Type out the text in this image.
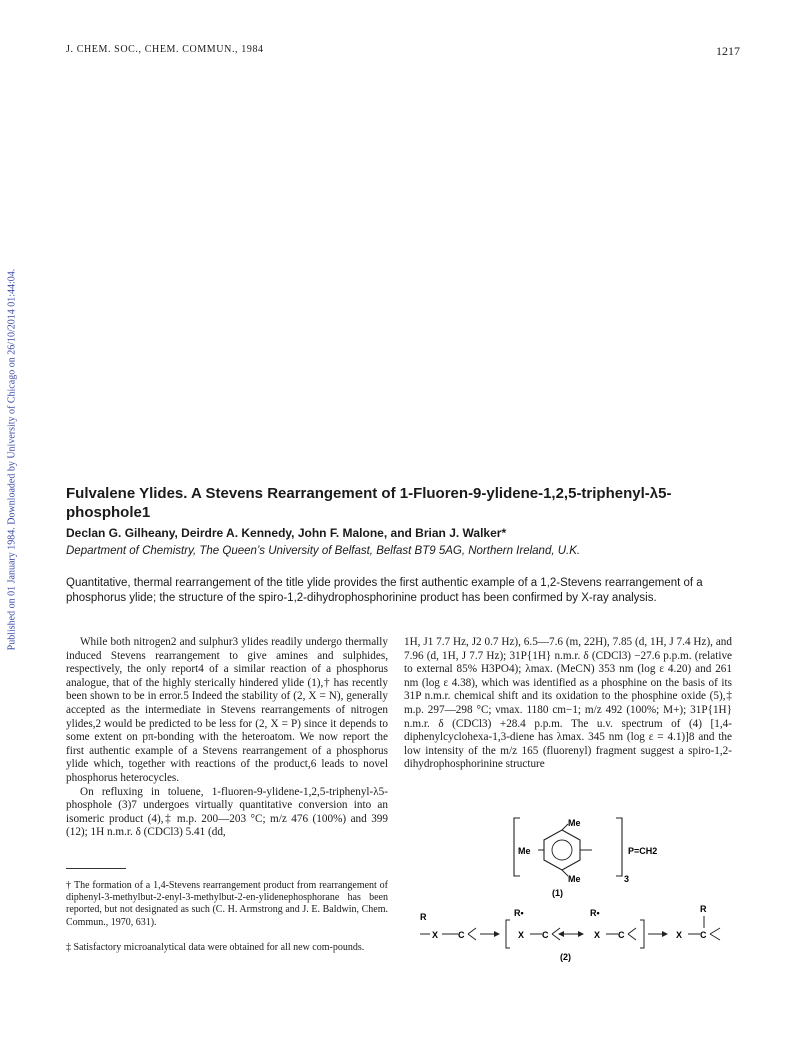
J. CHEM. SOC., CHEM. COMMUN., 1984	1217
Published on 01 January 1984. Downloaded by University of Chicago on 26/10/2014 01:44:04.	Fulvalene Ylides. A Stevens Rearrangement of 1-Fluoren-9-ylidene-1,2,5-triphenyl-λ5-phosphole1
Declan G. Gilheany, Deirdre A. Kennedy, John F. Malone, and Brian J. Walker*
Department of Chemistry, The Queen’s University of Belfast, Belfast BT9 5AG, Northern Ireland, U.K.
Quantitative, thermal rearrangement of the title ylide provides the first authentic example of a 1,2-Stevens rearrangement of a phosphorus ylide; the structure of the spiro-1,2-dihydrophosphorinine product has been confirmed by X-ray analysis.

While both nitrogen2 and sulphur3 ylides readily undergo thermally induced Stevens rearrangement to give amines and sulphides, respectively, the only report4 of a similar reaction of a phosphorus analogue, that of the highly sterically hindered ylide (1),† has recently been shown to be in error.5 Indeed the stability of (2, X = N), generally accepted as the intermediate in Stevens rearrangements of nitrogen ylides,2 would be predicted to be less for (2, X = P) since it depends to some extent on pπ-bonding with the heteroatom. We now report the first authentic example of a Stevens rearrangement of a phosphorus ylide which, together with reactions of the product,6 leads to novel phosphorus heterocycles.

On refluxing in toluene, 1-fluoren-9-ylidene-1,2,5-triphenyl-λ5-phosphole (3)7 undergoes virtually quantitative conversion into an isomeric product (4),‡ m.p. 200—203 °C; m/z 476 (100%) and 399 (12); 1H n.m.r. δ (CDCl3) 5.41 (dd,

1H, J1 7.7 Hz, J2 0.7 Hz), 6.5—7.6 (m, 22H), 7.85 (d, 1H, J 7.4 Hz), and 7.96 (d, 1H, J 7.7 Hz); 31P{1H} n.m.r. δ (CDCl3) −27.6 p.p.m. (relative to external 85% H3PO4); λmax. (MeCN) 353 nm (log ε 4.20) and 261 nm (log ε 4.38), which was identified as a phosphine on the basis of its 31P n.m.r. chemical shift and its oxidation to the phosphine oxide (5),‡ m.p. 297—298 °C; νmax. 1180 cm−1; m/z 492 (100%; M+); 31P{1H} n.m.r. δ (CDCl3) +28.4 p.p.m. The u.v. spectrum of (4) [1,4-diphenylcyclohexa-1,3-diene has λmax. 345 nm (log ε = 4.1)]8 and the low intensity of the m/z 165 (fluorenyl) fragment suggest a spiro-1,2-dihydrophosphorinine structure

† The formation of a 1,4-Stevens rearrangement product from rearrangement of diphenyl-3-methylbut-2-enyl-3-methylbut-2-en-ylidenephosphorane has been reported, but not designated as such (C. H. Armstrong and J. E. Baldwin, Chem. Commun., 1970, 631).
‡ Satisfactory microanalytical data were obtained for all new com-pounds.
Me
Me
Me	3
P=CH2
(1)
R
X C
R•
X C
R•
X C	X C
R
(2)
